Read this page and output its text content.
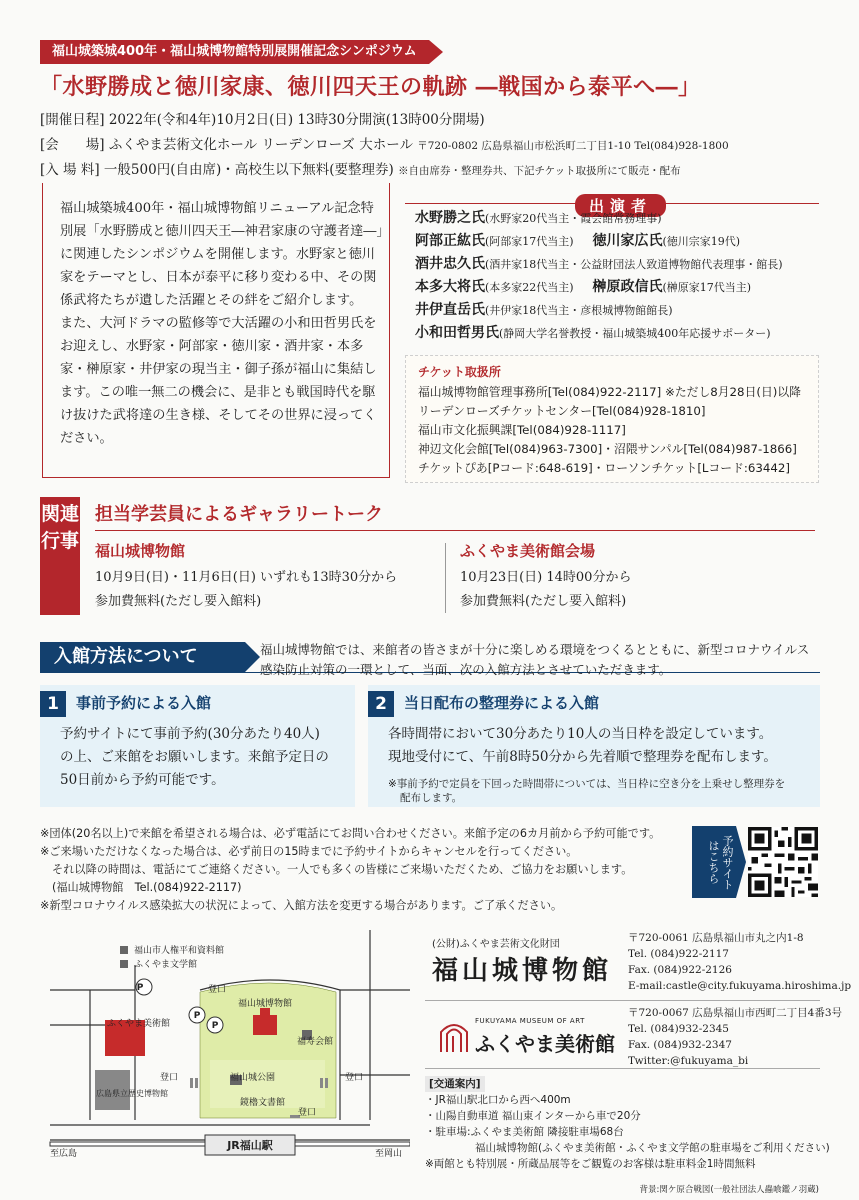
福山城築城400年・福山城博物館特別展開催記念シンポジウム
「水野勝成と徳川家康、徳川四天王の軌跡 ―戦国から泰平へ―」
[開催日程] 2022年(令和4年)10月2日(日) 13時30分開演(13時00分開場)
[会　　場] ふくやま芸術文化ホール リーデンローズ 大ホール 〒720-0802 広島県福山市松浜町二丁目1-10 Tel(084)928-1800
[入 場 料] 一般500円(自由席)・高校生以下無料(要整理券) ※自由席券・整理券共、下記チケット取扱所にて販売・配布

福山城築城400年・福山城博物館リニューアル記念特別展「水野勝成と徳川四天王―神君家康の守護者達―」に関連したシンポジウムを開催します。水野家と徳川家をテーマとし、日本が泰平に移り変わる中、その関係武将たちが遺した活躍とその絆をご紹介します。

また、大河ドラマの監修等で大活躍の小和田哲男氏をお迎えし、水野家・阿部家・徳川家・酒井家・本多家・榊原家・井伊家の現当主・御子孫が福山に集結します。この唯一無二の機会に、是非とも戦国時代を駆け抜けた武将達の生き様、そしてその世界に浸ってください。

出演者
水野勝之氏(水野家20代当主・霞会館常務理事)
阿部正紘氏(阿部家17代当主) 徳川家広氏(徳川宗家19代)
酒井忠久氏(酒井家18代当主・公益財団法人致道博物館代表理事・館長)
本多大将氏(本多家22代当主) 榊原政信氏(榊原家17代当主)
井伊直岳氏(井伊家18代当主・彦根城博物館館長)
小和田哲男氏(静岡大学名誉教授・福山城築城400年応援サポーター)
チケット取扱所
福山城博物館管理事務所[Tel(084)922-2117] ※ただし8月28日(日)以降
リーデンローズチケットセンター[Tel(084)928-1810]
福山市文化振興課[Tel(084)928-1117]
神辺文化会館[Tel(084)963-7300]・沼隈サンパル[Tel(084)987-1866]
チケットぴあ[Pコード:648-619]・ローソンチケット[Lコード:63442]
関連行事
担当学芸員によるギャラリートーク
福山城博物館
10月9日(日)・11月6日(日) いずれも13時30分から
参加費無料(ただし要入館料)
ふくやま美術館会場
10月23日(日) 14時00分から
参加費無料(ただし要入館料)
入館方法について	福山城博物館では、来館者の皆さまが十分に楽しめる環境をつくるとともに、新型コロナウイルス感染防止対策の一環として、当面、次の入館方法とさせていただきます。
1	事前予約による入館
予約サイトにて事前予約(30分あたり40人)
の上、ご来館をお願いします。来館予定日の
50日前から予約可能です。
2	当日配布の整理券による入館
各時間帯において30分あたり10人の当日枠を設定しています。
現地受付にて、午前8時50分から先着順で整理券を配布します。
※事前予約で定員を下回った時間帯については、当日枠に空き分を上乗せし整理券を
配布します。
※団体(20名以上)で来館を希望される場合は、必ず電話にてお問い合わせください。来館予定の6カ月前から予約可能です。
※ご来場いただけなくなった場合は、必ず前日の15時までに予約サイトからキャンセルを行ってください。
それ以降の時間は、電話にてご連絡ください。一人でも多くの皆様にご来場いただくため、ご協力をお願いします。
(福山城博物館　Tel.(084)922-2117)
※新型コロナウイルス感染拡大の状況によって、入館方法を変更する場合があります。ご了承ください。
予約サイトはこちら
福山市人権平和資料館
ふくやま文学館
登口
福山城博物館
ふくやま美術館
P
P
P
福寿会館
登口	登口
福山城公園
鏡櫓文書館
登口
広島県立歴史博物館
JR福山駅
至広島	至岡山
(公財)ふくやま芸術文化財団
福山城博物館
〒720-0061 広島県福山市丸之内1-8
Tel. (084)922-2117
Fax. (084)922-2126
E-mail:castle@city.fukuyama.hiroshima.jp
FUKUYAMA MUSEUM OF ART
ふくやま美術館
〒720-0067 広島県福山市西町二丁目4番3号
Tel. (084)932-2345
Fax. (084)932-2347
Twitter:@fukuyama_bi
[交通案内]
・JR福山駅北口から西へ400m
・山陽自動車道 福山東インターから車で20分
・駐車場:ふくやま美術館 隣接駐車場68台
福山城博物館(ふくやま美術館・ふくやま文学館の駐車場をご利用ください)
※両館とも特別展・所蔵品展等をご観覧のお客様は駐車料金1時間無料
背景:関ケ原合戦図(一般社団法人蟲喰鑑ノ羽蔵)
